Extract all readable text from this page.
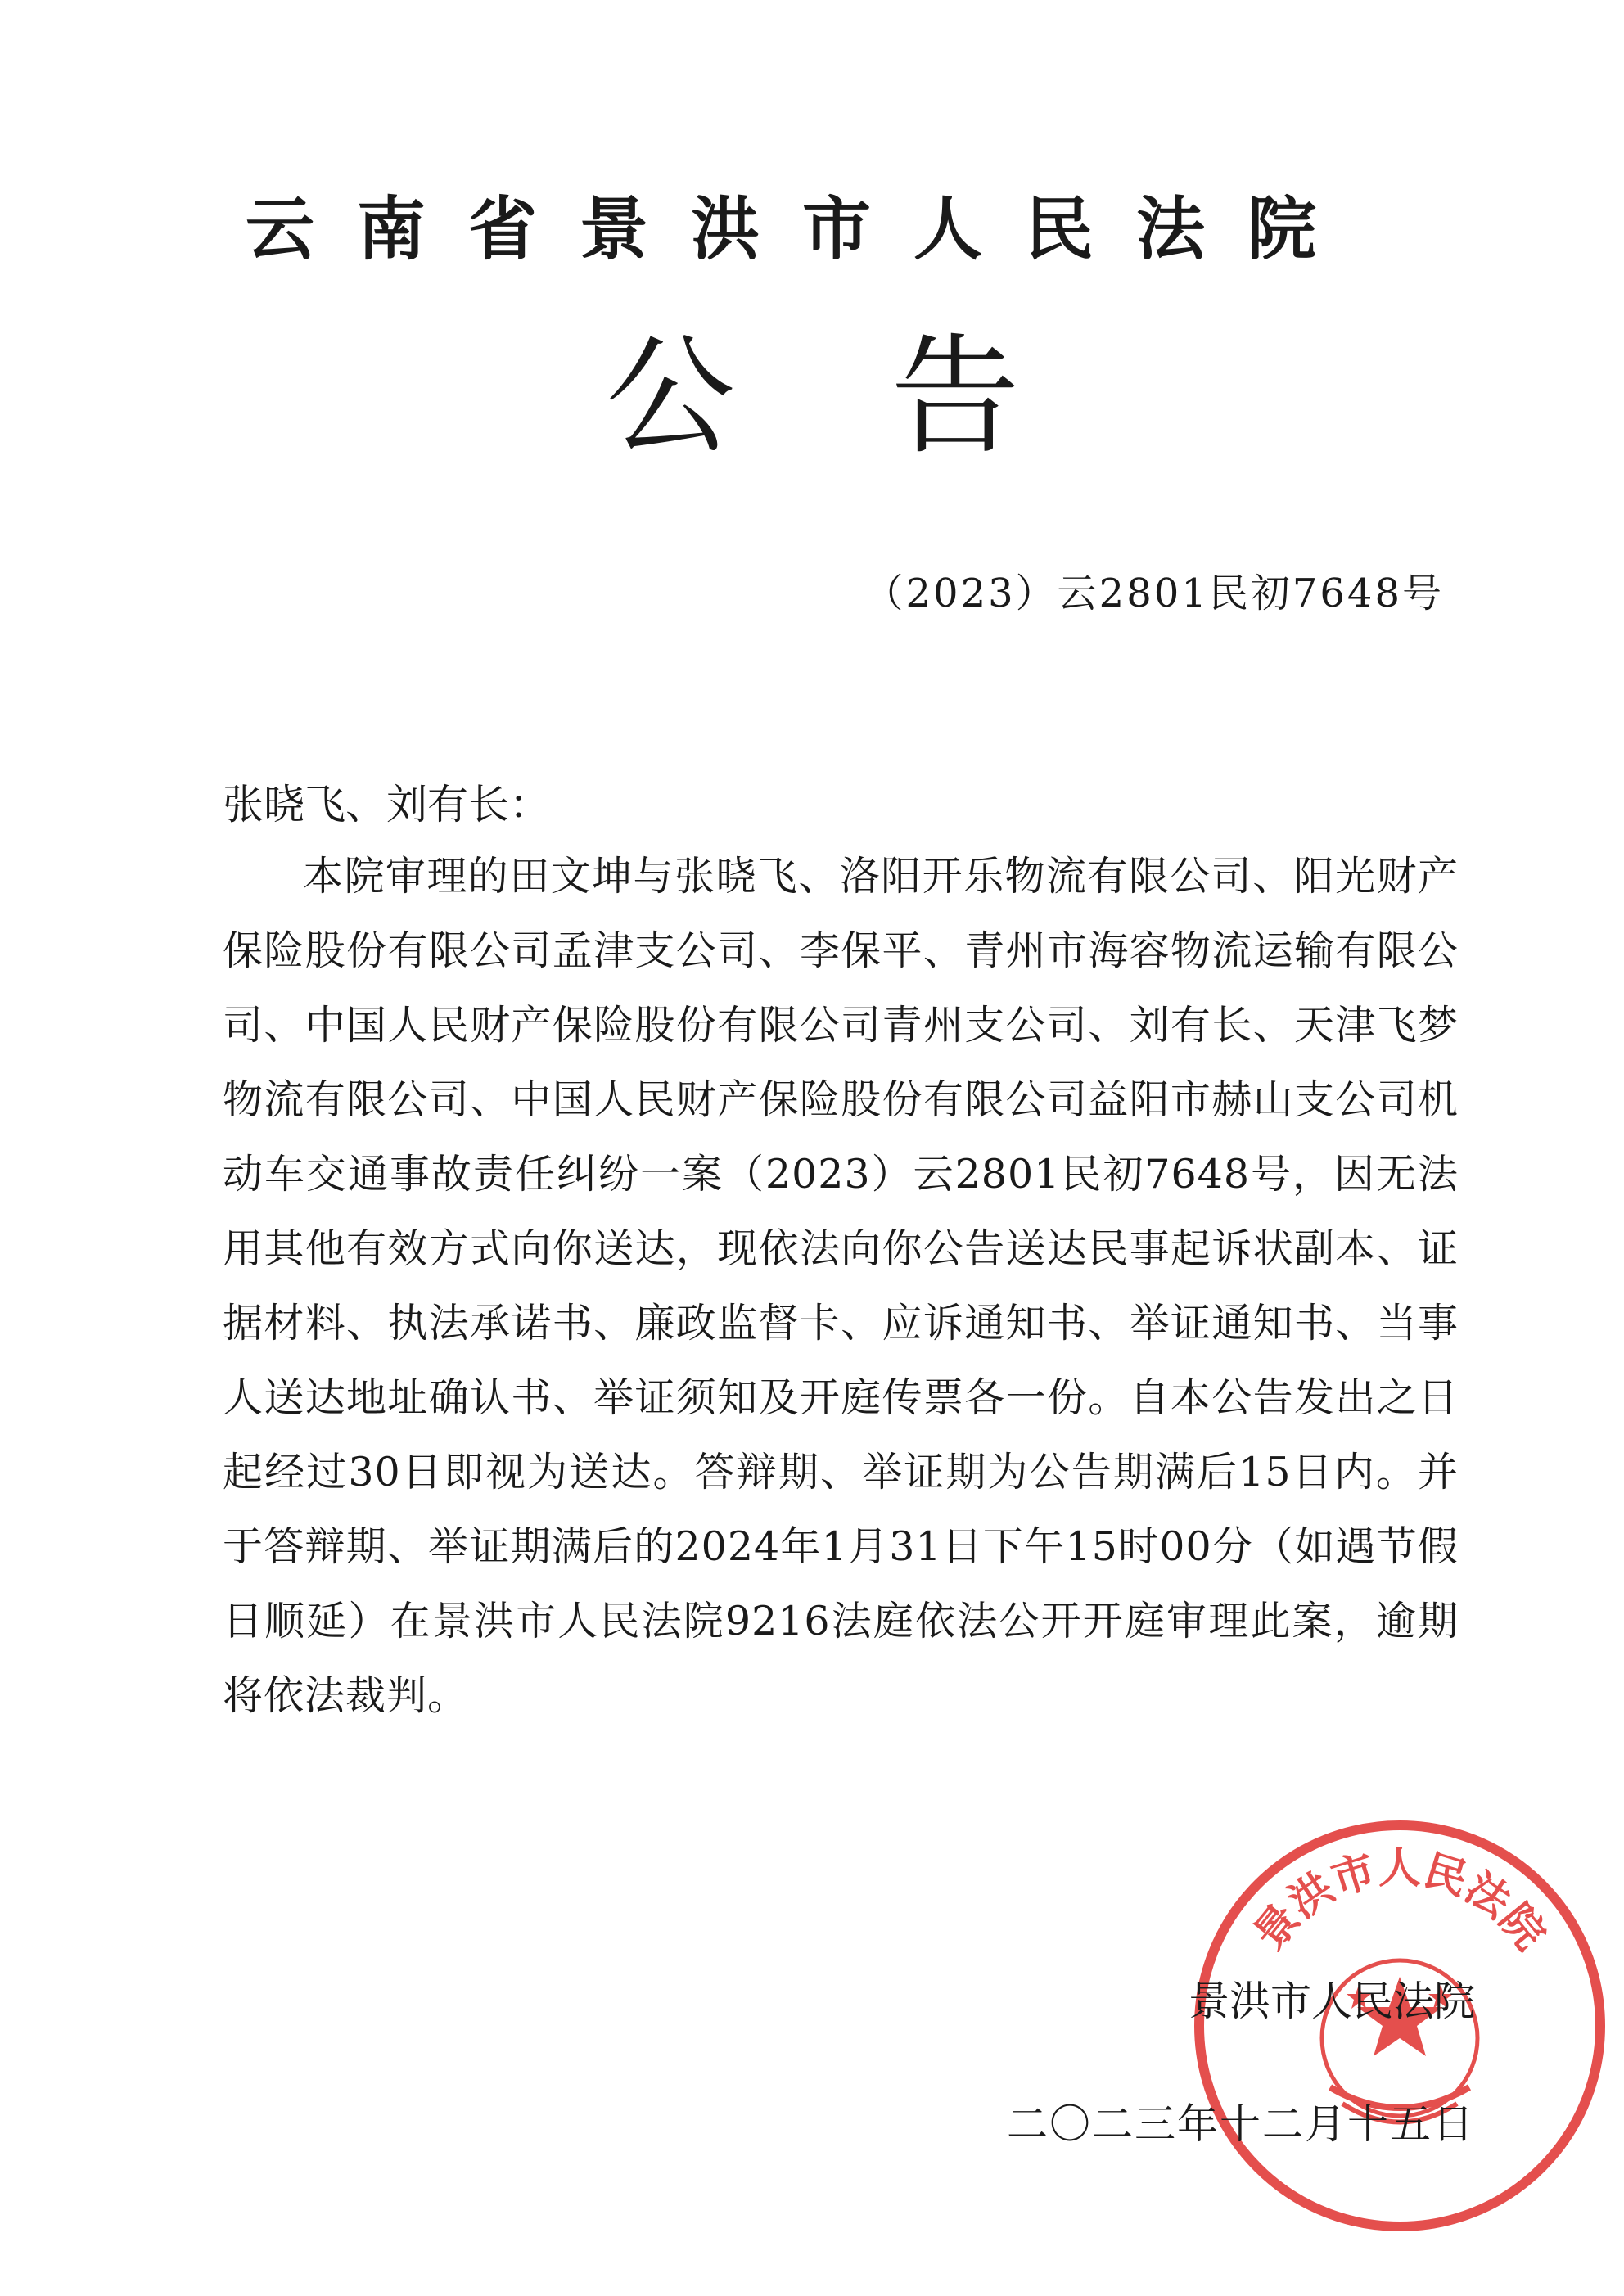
云南省景洪市人民法院
公告
（2023）云2801民初7648号
张晓飞、刘有长：

本院审理的田文坤与张晓飞、洛阳开乐物流有限公司、阳光财产保险股份有限公司孟津支公司、李保平、青州市海容物流运输有限公司、中国人民财产保险股份有限公司青州支公司、刘有长、天津飞梦物流有限公司、中国人民财产保险股份有限公司益阳市赫山支公司机动车交通事故责任纠纷一案（2023）云2801民初7648号，因无法用其他有效方式向你送达，现依法向你公告送达民事起诉状副本、证据材料、执法承诺书、廉政监督卡、应诉通知书、举证通知书、当事人送达地址确认书、举证须知及开庭传票各一份。自本公告发出之日起经过30日即视为送达。答辩期、举证期为公告期满后15日内。并于答辩期、举证期满后的2024年1月31日下午15时00分（如遇节假日顺延）在景洪市人民法院9216法庭依法公开开庭审理此案，逾期将依法裁判。

景洪市人民法院
景洪市人民法院
二〇二三年十二月十五日
